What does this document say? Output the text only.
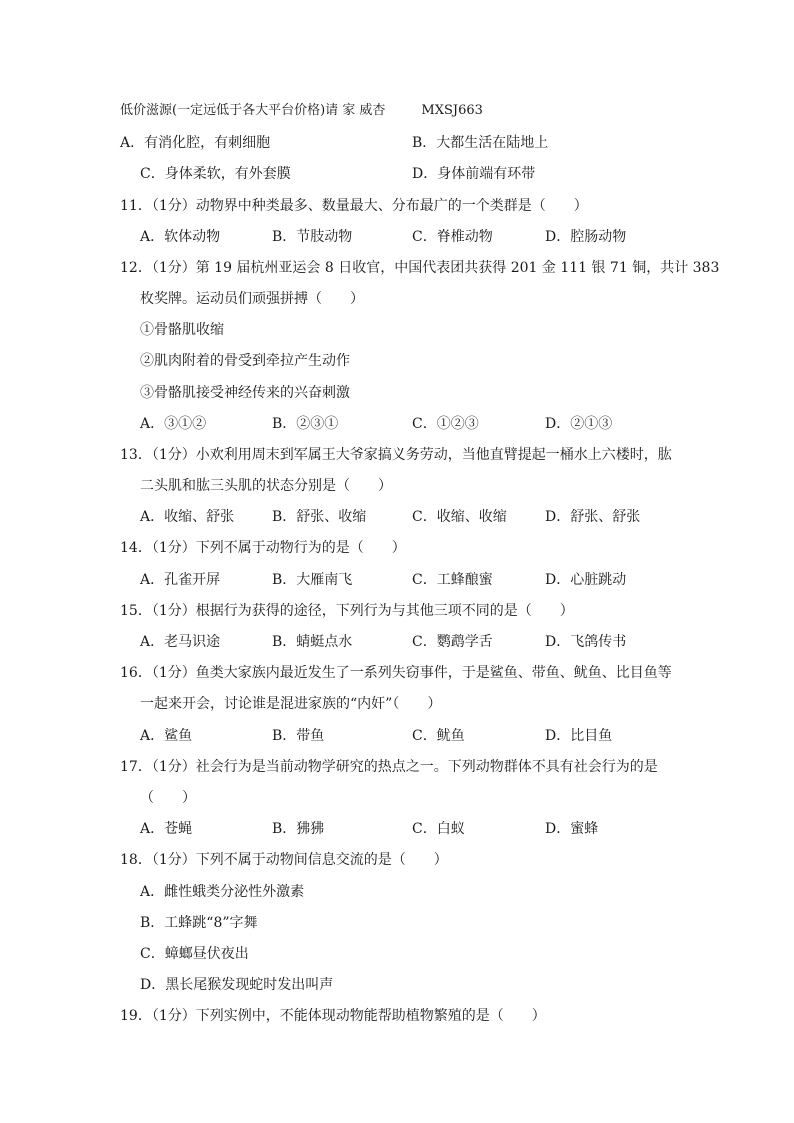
低价滋源(一定远低于各大平台价格)请 家 威杏	MXSJ663
A．有消化腔，有刺细胞	B．大都生活在陆地上
C．身体柔软，有外套膜	D．身体前端有环带
11．（1分）动物界中种类最多、数量最大、分布最广的一个类群是（　　）
A．软体动物	B．节肢动物	C．脊椎动物	D．腔肠动物
12．（1分）第 19 届杭州亚运会 8 日收官，中国代表团共获得 201 金 111 银 71 铜，共计 383
枚奖牌。运动员们顽强拼搏（　　）
①骨骼肌收缩
②肌肉附着的骨受到牵拉产生动作
③骨骼肌接受神经传来的兴奋刺激
A．③①②	B．②③①	C．①②③	D．②①③
13．（1分）小欢利用周末到军属王大爷家搞义务劳动，当他直臂提起一桶水上六楼时，肱
二头肌和肱三头肌的状态分别是（　　）
A．收缩、舒张	B．舒张、收缩	C．收缩、收缩	D．舒张、舒张
14．（1分）下列不属于动物行为的是（　　）
A．孔雀开屏	B．大雁南飞	C．工蜂酿蜜	D．心脏跳动
15．（1分）根据行为获得的途径，下列行为与其他三项不同的是（　　）
A．老马识途	B．蜻蜓点水	C．鹦鹉学舌	D．飞鸽传书
16．（1分）鱼类大家族内最近发生了一系列失窃事件，于是鲨鱼、带鱼、鱿鱼、比目鱼等
一起来开会，讨论谁是混进家族的“内奸”（　　）
A．鲨鱼	B．带鱼	C．鱿鱼	D．比目鱼
17．（1分）社会行为是当前动物学研究的热点之一。下列动物群体不具有社会行为的是
（　　）
A．苍蝇	B．狒狒	C．白蚁	D．蜜蜂
18．（1分）下列不属于动物间信息交流的是（　　）
A．雌性蛾类分泌性外激素
B．工蜂跳“8”字舞
C．蟑螂昼伏夜出
D．黑长尾猴发现蛇时发出叫声
19．（1分）下列实例中，不能体现动物能帮助植物繁殖的是（　　）
